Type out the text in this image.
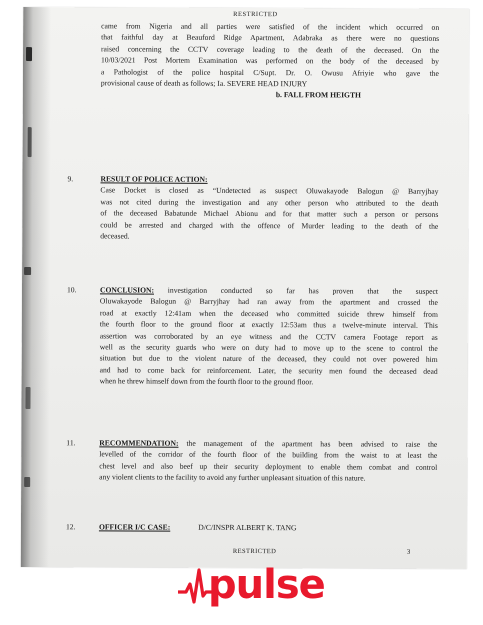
RESTRICTED
came from Nigeria and all parties were satisfied of the incident which occurred on
that faithful day at Beauford Ridge Apartment, Adabraka as there were no questions
raised concerning the CCTV coverage leading to the death of the deceased. On the
10/03/2021 Post Mortem Examination was performed on the body of the deceased by
a Pathologist of the police hospital C/Supt. Dr. O. Owusu Afriyie who gave the
provisional cause of death as follows; Ia. SEVERE HEAD INJURY
b. FALL FROM HEIGTH
9.	RESULT OF POLICE ACTION:
Case Docket is closed as “Undetected as suspect Oluwakayode Balogun @ Barryjhay
was not cited during the investigation and any other person who attributed to the death
of the deceased Babatunde Michael Abionu and for that matter such a person or persons
could be arrested and charged with the offence of Murder leading to the death of the
deceased.
10.	CONCLUSION: investigation conducted so far has proven that the suspect
Oluwakayode Balogun @ Barryjhay had ran away from the apartment and crossed the
road at exactly 12:41am when the deceased who committed suicide threw himself from
the fourth floor to the ground floor at exactly 12:53am thus a twelve-minute interval. This
assertion was corroborated by an eye witness and the CCTV camera Footage report as
well as the security guards who were on duty had to move up to the scene to control the
situation but due to the violent nature of the deceased, they could not over powered him
and had to come back for reinforcement. Later, the security men found the deceased dead
when he threw himself down from the fourth floor to the ground floor.
11.	RECOMMENDATION: the management of the apartment has been advised to raise the
levelled of the corridor of the fourth floor of the building from the waist to at least the
chest level and also beef up their security deployment to enable them combat and control
any violent clients to the facility to avoid any further unpleasant situation of this nature.
12.	OFFICER I/C CASE:	D/C/INSPR ALBERT K. TANG
RESTRICTED	3
pulse
